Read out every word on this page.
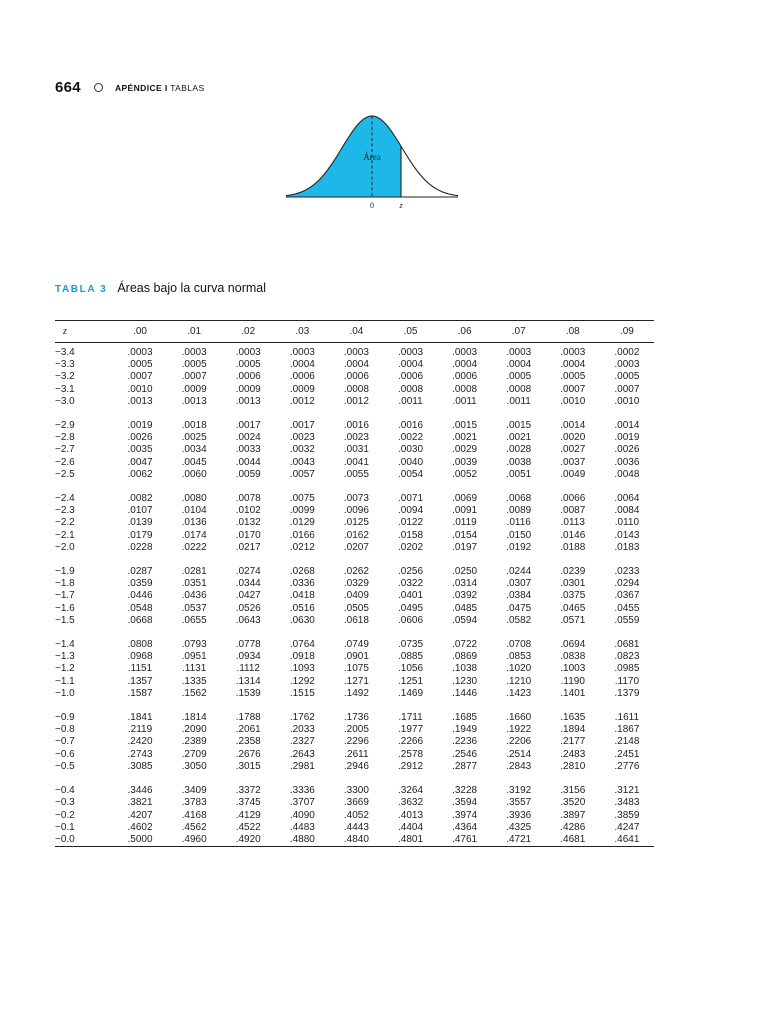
664	APÉNDICE I TABLAS
Área
0	z
TABLA 3 Áreas bajo la curva normal
z	.00	.01	.02	.03	.04	.05	.06	.07	.08	.09
−3.4	.0003	.0003	.0003	.0003	.0003	.0003	.0003	.0003	.0003	.0002
−3.3	.0005	.0005	.0005	.0004	.0004	.0004	.0004	.0004	.0004	.0003
−3.2	.0007	.0007	.0006	.0006	.0006	.0006	.0006	.0005	.0005	.0005
−3.1	.0010	.0009	.0009	.0009	.0008	.0008	.0008	.0008	.0007	.0007
−3.0	.0013	.0013	.0013	.0012	.0012	.0011	.0011	.0011	.0010	.0010
−2.9	.0019	.0018	.0017	.0017	.0016	.0016	.0015	.0015	.0014	.0014
−2.8	.0026	.0025	.0024	.0023	.0023	.0022	.0021	.0021	.0020	.0019
−2.7	.0035	.0034	.0033	.0032	.0031	.0030	.0029	.0028	.0027	.0026
−2.6	.0047	.0045	.0044	.0043	.0041	.0040	.0039	.0038	.0037	.0036
−2.5	.0062	.0060	.0059	.0057	.0055	.0054	.0052	.0051	.0049	.0048
−2.4	.0082	.0080	.0078	.0075	.0073	.0071	.0069	.0068	.0066	.0064
−2.3	.0107	.0104	.0102	.0099	.0096	.0094	.0091	.0089	.0087	.0084
−2.2	.0139	.0136	.0132	.0129	.0125	.0122	.0119	.0116	.0113	.0110
−2.1	.0179	.0174	.0170	.0166	.0162	.0158	.0154	.0150	.0146	.0143
−2.0	.0228	.0222	.0217	.0212	.0207	.0202	.0197	.0192	.0188	.0183
−1.9	.0287	.0281	.0274	.0268	.0262	.0256	.0250	.0244	.0239	.0233
−1.8	.0359	.0351	.0344	.0336	.0329	.0322	.0314	.0307	.0301	.0294
−1.7	.0446	.0436	.0427	.0418	.0409	.0401	.0392	.0384	.0375	.0367
−1.6	.0548	.0537	.0526	.0516	.0505	.0495	.0485	.0475	.0465	.0455
−1.5	.0668	.0655	.0643	.0630	.0618	.0606	.0594	.0582	.0571	.0559
−1.4	.0808	.0793	.0778	.0764	.0749	.0735	.0722	.0708	.0694	.0681
−1.3	.0968	.0951	.0934	.0918	.0901	.0885	.0869	.0853	.0838	.0823
−1.2	.1151	.1131	.1112	.1093	.1075	.1056	.1038	.1020	.1003	.0985
−1.1	.1357	.1335	.1314	.1292	.1271	.1251	.1230	.1210	.1190	.1170
−1.0	.1587	.1562	.1539	.1515	.1492	.1469	.1446	.1423	.1401	.1379
−0.9	.1841	.1814	.1788	.1762	.1736	.1711	.1685	.1660	.1635	.1611
−0.8	.2119	.2090	.2061	.2033	.2005	.1977	.1949	.1922	.1894	.1867
−0.7	.2420	.2389	.2358	.2327	.2296	.2266	.2236	.2206	.2177	.2148
−0.6	.2743	.2709	.2676	.2643	.2611	.2578	.2546	.2514	.2483	.2451
−0.5	.3085	.3050	.3015	.2981	.2946	.2912	.2877	.2843	.2810	.2776
−0.4	.3446	.3409	.3372	.3336	.3300	.3264	.3228	.3192	.3156	.3121
−0.3	.3821	.3783	.3745	.3707	.3669	.3632	.3594	.3557	.3520	.3483
−0.2	.4207	.4168	.4129	.4090	.4052	.4013	.3974	.3936	.3897	.3859
−0.1	.4602	.4562	.4522	.4483	.4443	.4404	.4364	.4325	.4286	.4247
−0.0	.5000	.4960	.4920	.4880	.4840	.4801	.4761	.4721	.4681	.4641
